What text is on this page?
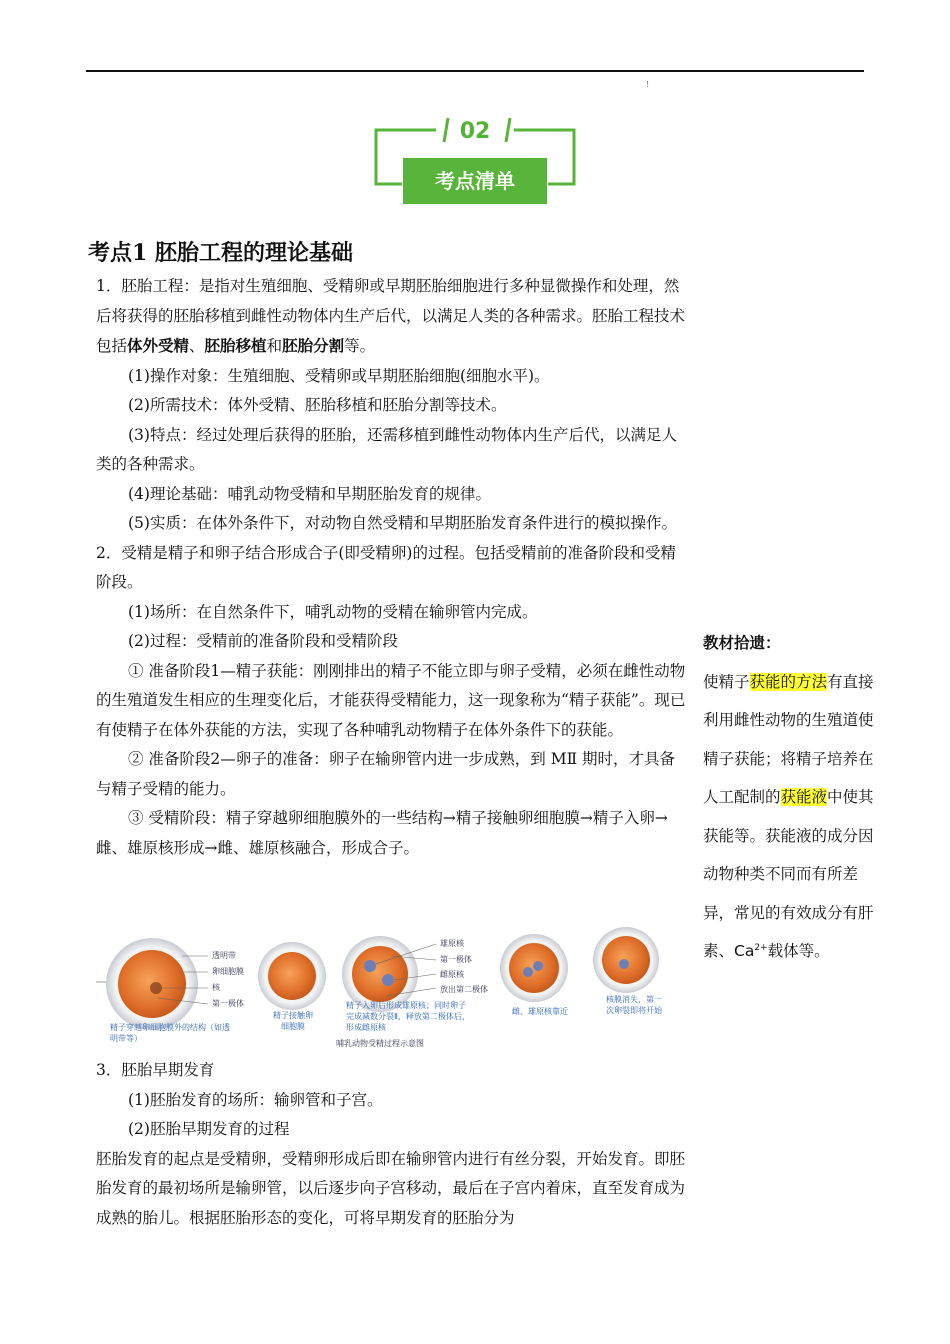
!
02
考点清单
考点1 胚胎工程的理论基础

1．胚胎工程：是指对生殖细胞、受精卵或早期胚胎细胞进行多种显微操作和处理，然后将获得的胚胎移植到雌性动物体内生产后代，以满足人类的各种需求。胚胎工程技术包括体外受精、胚胎移植和胚胎分割等。

(1)操作对象：生殖细胞、受精卵或早期胚胎细胞(细胞水平)。

(2)所需技术：体外受精、胚胎移植和胚胎分割等技术。

(3)特点：经过处理后获得的胚胎，还需移植到雌性动物体内生产后代，以满足人类的各种需求。

(4)理论基础：哺乳动物受精和早期胚胎发育的规律。

(5)实质：在体外条件下，对动物自然受精和早期胚胎发育条件进行的模拟操作。

2．受精是精子和卵子结合形成合子(即受精卵)的过程。包括受精前的准备阶段和受精阶段。

(1)场所：在自然条件下，哺乳动物的受精在输卵管内完成。

(2)过程：受精前的准备阶段和受精阶段

① 准备阶段1—精子获能：刚刚排出的精子不能立即与卵子受精，必须在雌性动物的生殖道发生相应的生理变化后，才能获得受精能力，这一现象称为“精子获能”。现已有使精子在体外获能的方法，实现了各种哺乳动物精子在体外条件下的获能。

② 准备阶段2—卵子的准备：卵子在输卵管内进一步成熟，到 MⅡ 期时，才具备与精子受精的能力。

③ 受精阶段：精子穿越卵细胞膜外的一些结构→精子接触卵细胞膜→精子入卵→雌、雄原核形成→雌、雄原核融合，形成合子。

透明带
卵细胞膜
核
第一极体
精子穿越卵细胞膜外的结构（如透明带等）
精子接触卵细胞膜
雄原核
第一极体
雌原核
放出第二极体
精子入卵后形成雄原核；同时卵子完成减数分裂Ⅱ，释放第二极体后，形成雌原核
雌、雄原核靠近
核膜消失，第一次卵裂即将开始
哺乳动物受精过程示意图

3．胚胎早期发育

(1)胚胎发育的场所：输卵管和子宫。

(2)胚胎早期发育的过程

胚胎发育的起点是受精卵，受精卵形成后即在输卵管内进行有丝分裂，开始发育。即胚胎发育的最初场所是输卵管，以后逐步向子宫移动，最后在子宫内着床，直至发育成为成熟的胎儿。根据胚胎形态的变化，可将早期发育的胚胎分为

教材拾遗：

使精子获能的方法有直接利用雌性动物的生殖道使精子获能；将精子培养在人工配制的获能液中使其获能等。获能液的成分因动物种类不同而有所差异，常见的有效成分有肝素、$Ca^{2+}$载体等。
